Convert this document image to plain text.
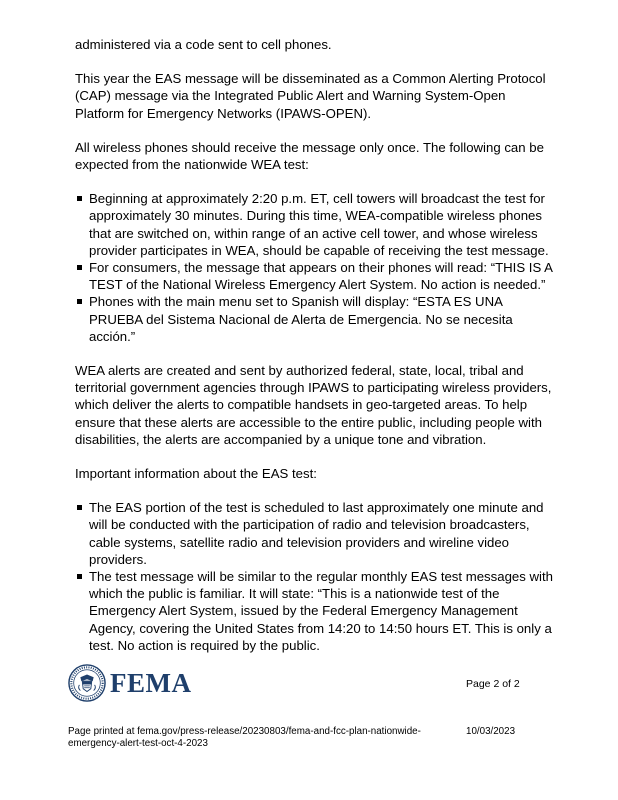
administered via a code sent to cell phones.

This year the EAS message will be disseminated as a Common Alerting Protocol (CAP) message via the Integrated Public Alert and Warning System-Open Platform for Emergency Networks (IPAWS-OPEN).

All wireless phones should receive the message only once. The following can be expected from the nationwide WEA test:

Beginning at approximately 2:20 p.m. ET, cell towers will broadcast the test for approximately 30 minutes. During this time, WEA-compatible wireless phones that are switched on, within range of an active cell tower, and whose wireless provider participates in WEA, should be capable of receiving the test message.
For consumers, the message that appears on their phones will read: “THIS IS A TEST of the National Wireless Emergency Alert System. No action is needed.”
Phones with the main menu set to Spanish will display: “ESTA ES UNA PRUEBA del Sistema Nacional de Alerta de Emergencia. No se necesita acción.”

WEA alerts are created and sent by authorized federal, state, local, tribal and territorial government agencies through IPAWS to participating wireless providers, which deliver the alerts to compatible handsets in geo-targeted areas. To help ensure that these alerts are accessible to the entire public, including people with disabilities, the alerts are accompanied by a unique tone and vibration.

Important information about the EAS test:

The EAS portion of the test is scheduled to last approximately one minute and will be conducted with the participation of radio and television broadcasters, cable systems, satellite radio and television providers and wireline video providers.
The test message will be similar to the regular monthly EAS test messages with which the public is familiar. It will state: “This is a nationwide test of the Emergency Alert System, issued by the Federal Emergency Management Agency, covering the United States from 14:20 to 14:50 hours ET. This is only a test. No action is required by the public.
FEMA	Page 2 of 2
Page printed at fema.gov/press-release/20230803/fema-and-fcc-plan-nationwide-emergency-alert-test-oct-4-2023
10/03/2023
